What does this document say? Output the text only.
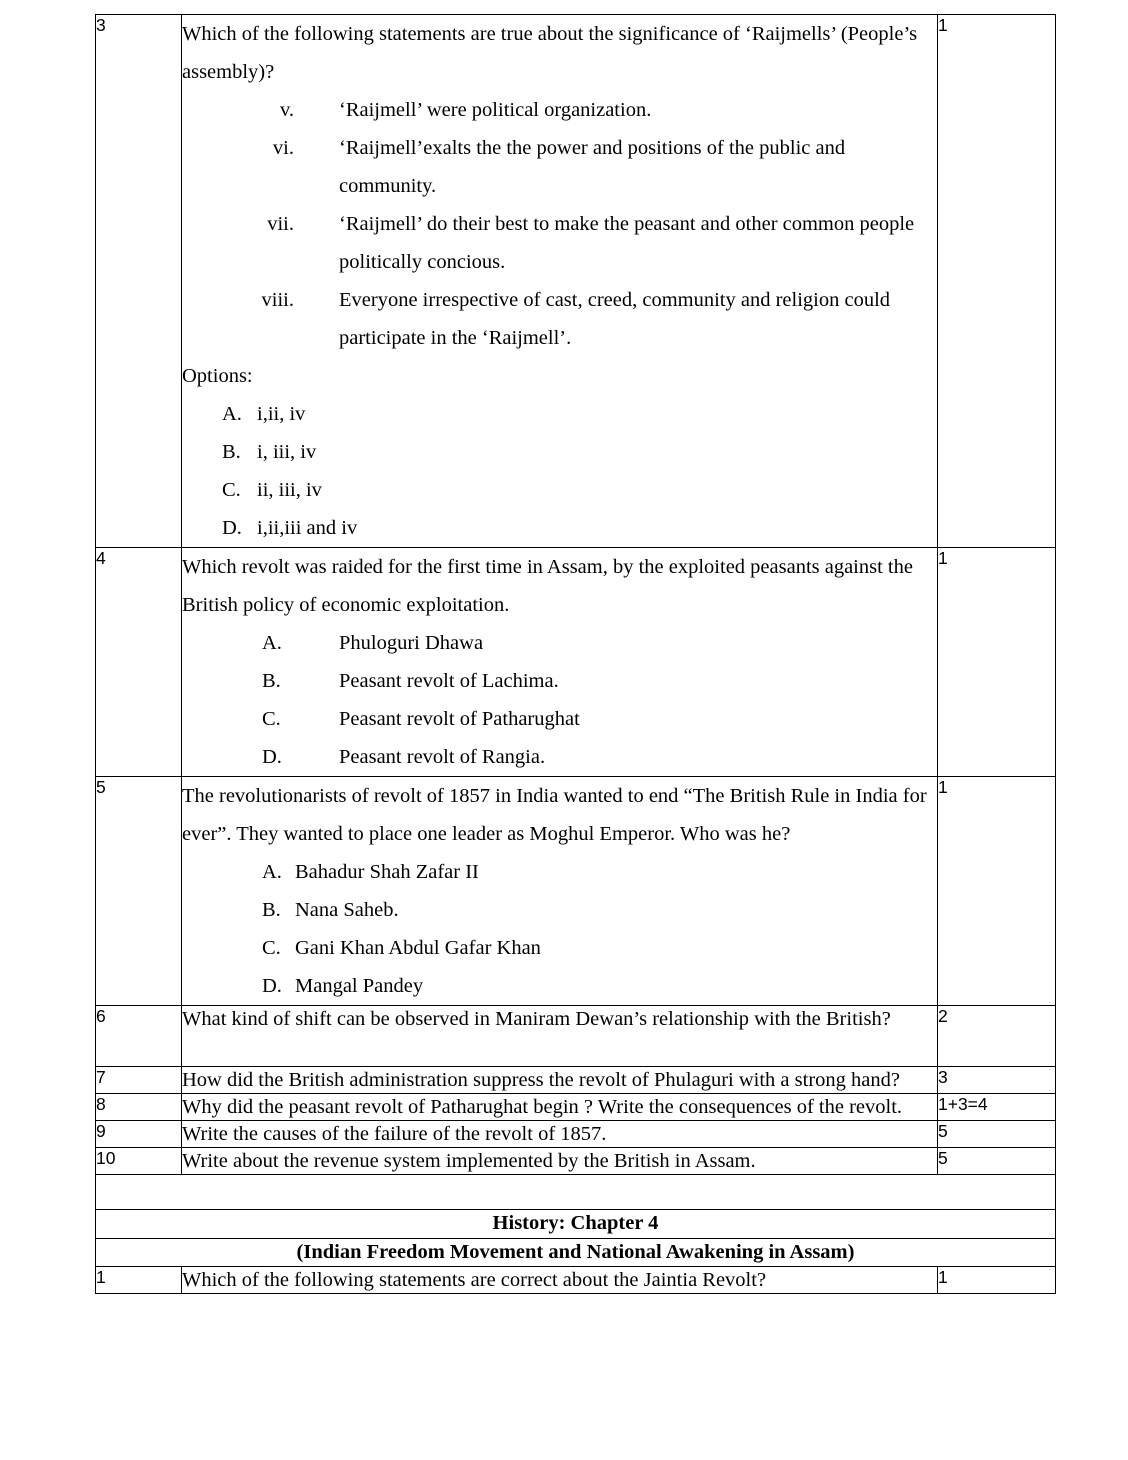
3	Which of the following statements are true about the significance of ‘Raijmells’ (People’s assembly)?

v. ‘Raijmell’ were political organization.
vi. ‘Raijmell’exalts the the power and positions of the public and community.
vii. ‘Raijmell’ do their best to make the peasant and other common people politically concious.
viii. Everyone irrespective of cast, creed, community and religion could participate in the ‘Raijmell’.

Options:

A. i,ii, iv
B. i, iii, iv
C. ii, iii, iv
D. i,ii,iii and iv
	1
4	Which revolt was raided for the first time in Assam, by the exploited peasants against the British policy of economic exploitation.

A.	Phuloguri Dhawa
B.	Peasant revolt of Lachima.
C.	Peasant revolt of Patharughat
D.	Peasant revolt of Rangia.
	1
5	The revolutionarists of revolt of 1857 in India wanted to end “The British Rule in India for ever”. They wanted to place one leader as Moghul Emperor. Who was he?

A. Bahadur Shah Zafar II
B. Nana Saheb.
C. Gani Khan Abdul Gafar Khan
D. Mangal Pandey
	1
6	What kind of shift can be observed in Maniram Dewan’s relationship with the British?	2
7	How did the British administration suppress the revolt of Phulaguri with a strong hand?	3
8	Why did the peasant revolt of Patharughat begin ? Write the consequences of the revolt.	1+3=4
9	Write the causes of the failure of the revolt of 1857.	5
10	Write about the revenue system implemented by the British in Assam.	5

History: Chapter 4		
(Indian Freedom Movement and National Awakening in Assam)		
1	Which of the following statements are correct about the Jaintia Revolt?	1
